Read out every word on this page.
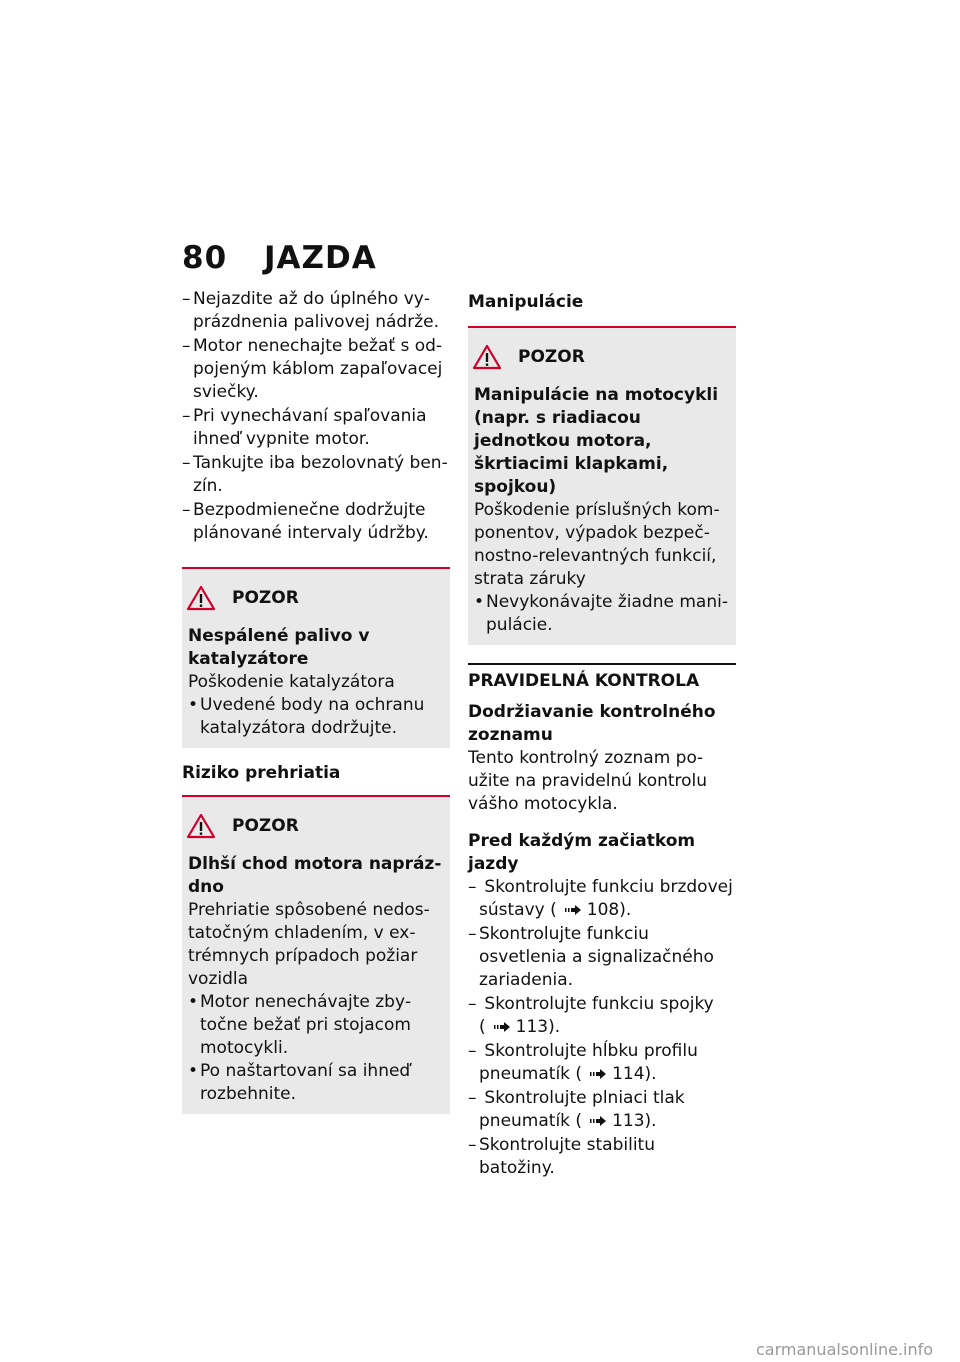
80 JAZDA
– Nejazdite až do úplného vyprázdnenia palivovej nádrže.
– Motor nenechajte bežať s odpojeným káblom zapaľovacej sviečky.
– Pri vynechávaní spaľovania ihneď vypnite motor.
– Tankujte iba bezolovnatý benzín.
– Bezpodmienečne dodržujte plánované intervaly údržby.
POZOR

Nespálené palivo v katalyzátore

Poškodenie katalyzátora

• Uvedené body na ochranu katalyzátora dodržujte.
Riziko prehriatia
POZOR

Dlhší chod motora naprázdno

Prehriatie spôsobené nedostatočným chladením, v extrémnych prípadoch požiar vozidla

• Motor nenechávajte zbytočne bežať pri stojacom motocykli.
• Po naštartovaní sa ihneď rozbehnite.
Manipulácie
POZOR

Manipulácie na motocykli (napr. s riadiacou jednotkou motora, škrtiacimi klapkami, spojkou)

Poškodenie príslušných komponentov, výpadok bezpečnostno-relevantných funkcií, strata záruky

• Nevykonávajte žiadne manipulácie.
PRAVIDELNÁ KONTROLA
Dodržiavanie kontrolného zoznamu

Tento kontrolný zoznam použite na pravidelnú kontrolu vášho motocykla.

Pred každým začiatkom jazdy
– Skontrolujte funkciu brzdovej sústavy ( 108).
– Skontrolujte funkciu osvetlenia a signalizačného zariadenia.
– Skontrolujte funkciu spojky ( 113).
– Skontrolujte hĺbku profilu pneumatík ( 114).
– Skontrolujte plniaci tlak pneumatík ( 113).
– Skontrolujte stabilitu batožiny.
carmanualsonline.info
